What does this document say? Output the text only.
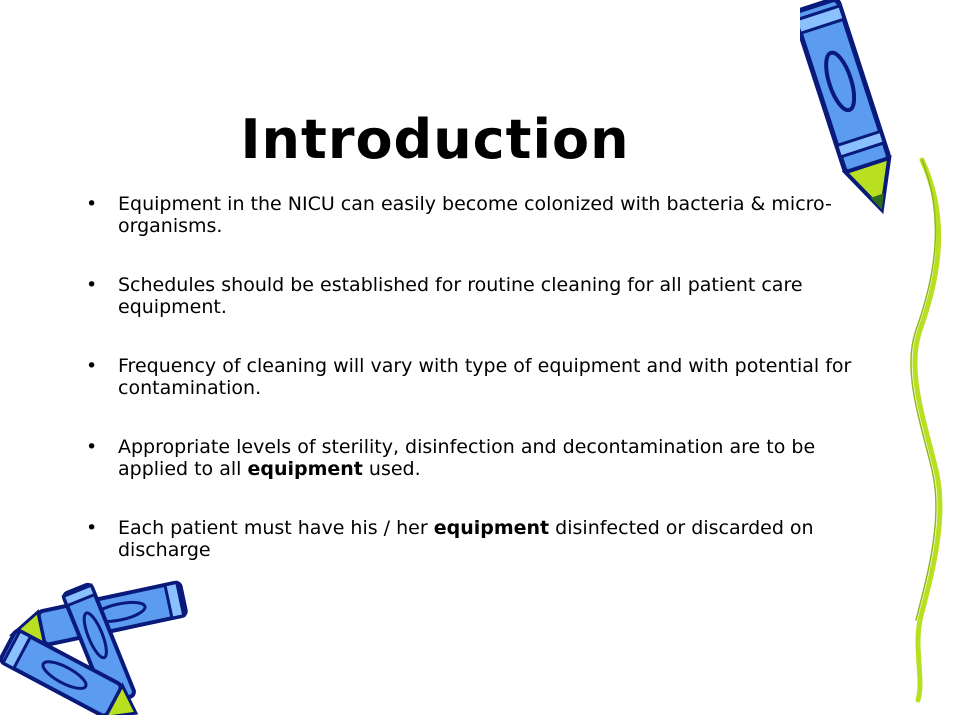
Introduction
• Equipment in the NICU can easily become colonized with bacteria & micro-organisms.
• Schedules should be established for routine cleaning for all patient care equipment.
• Frequency of cleaning will vary with type of equipment and with potential for contamination.
• Appropriate levels of sterility, disinfection and decontamination are to be applied to all equipment used.
• Each patient must have his / her equipment disinfected or discarded on discharge
